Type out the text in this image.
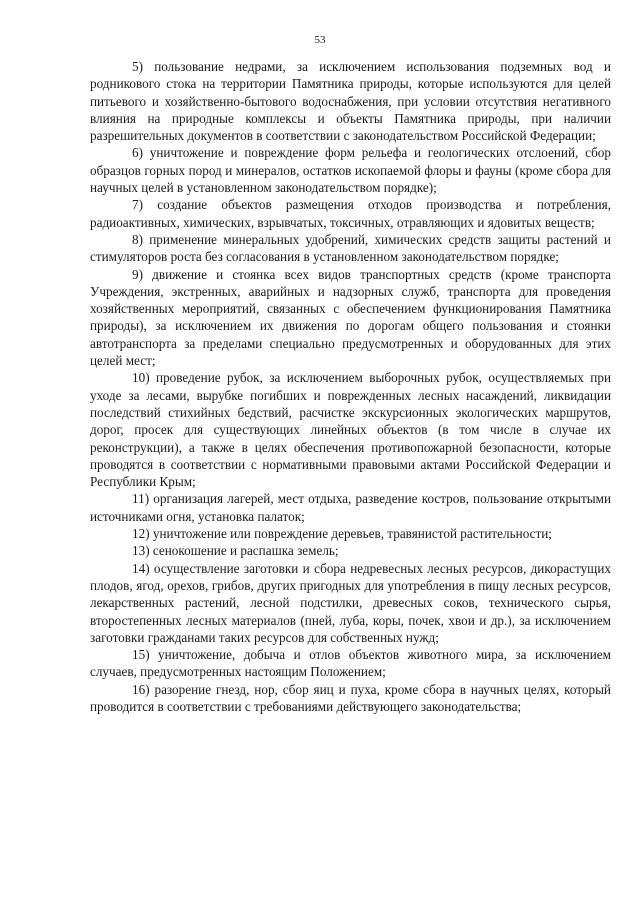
53

5) пользование недрами, за исключением использования подземных вод и родникового стока на территории Памятника природы, которые используются для целей питьевого и хозяйственно-бытового водоснабжения, при условии отсутствия негативного влияния на природные комплексы и объекты Памятника природы, при наличии разрешительных документов в соответствии с законодательством Российской Федерации;

6) уничтожение и повреждение форм рельефа и геологических отслоений, сбор образцов горных пород и минералов, остатков ископаемой флоры и фауны (кроме сбора для научных целей в установленном законодательством порядке);

7) создание объектов размещения отходов производства и потребления, радиоактивных, химических, взрывчатых, токсичных, отравляющих и ядовитых веществ;

8) применение минеральных удобрений, химических средств защиты растений и стимуляторов роста без согласования в установленном законодательством порядке;

9) движение и стоянка всех видов транспортных средств (кроме транспорта Учреждения, экстренных, аварийных и надзорных служб, транспорта для проведения хозяйственных мероприятий, связанных с обеспечением функционирования Памятника природы), за исключением их движения по дорогам общего пользования и стоянки автотранспорта за пределами специально предусмотренных и оборудованных для этих целей мест;

10) проведение рубок, за исключением выборочных рубок, осуществляемых при уходе за лесами, вырубке погибших и поврежденных лесных насаждений, ликвидации последствий стихийных бедствий, расчистке экскурсионных экологических маршрутов, дорог, просек для существующих линейных объектов (в том числе в случае их реконструкции), а также в целях обеспечения противопожарной безопасности, которые проводятся в соответствии с нормативными правовыми актами Российской Федерации и Республики Крым;

11) организация лагерей, мест отдыха, разведение костров, пользование открытыми источниками огня, установка палаток;

12) уничтожение или повреждение деревьев, травянистой растительности;

13) сенокошение и распашка земель;

14) осуществление заготовки и сбора недревесных лесных ресурсов, дикорастущих плодов, ягод, орехов, грибов, других пригодных для употребления в пищу лесных ресурсов, лекарственных растений, лесной подстилки, древесных соков, технического сырья, второстепенных лесных материалов (пней, луба, коры, почек, хвои и др.), за исключением заготовки гражданами таких ресурсов для собственных нужд;

15) уничтожение, добыча и отлов объектов животного мира, за исключением случаев, предусмотренных настоящим Положением;

16) разорение гнезд, нор, сбор яиц и пуха, кроме сбора в научных целях, который проводится в соответствии с требованиями действующего законодательства;
